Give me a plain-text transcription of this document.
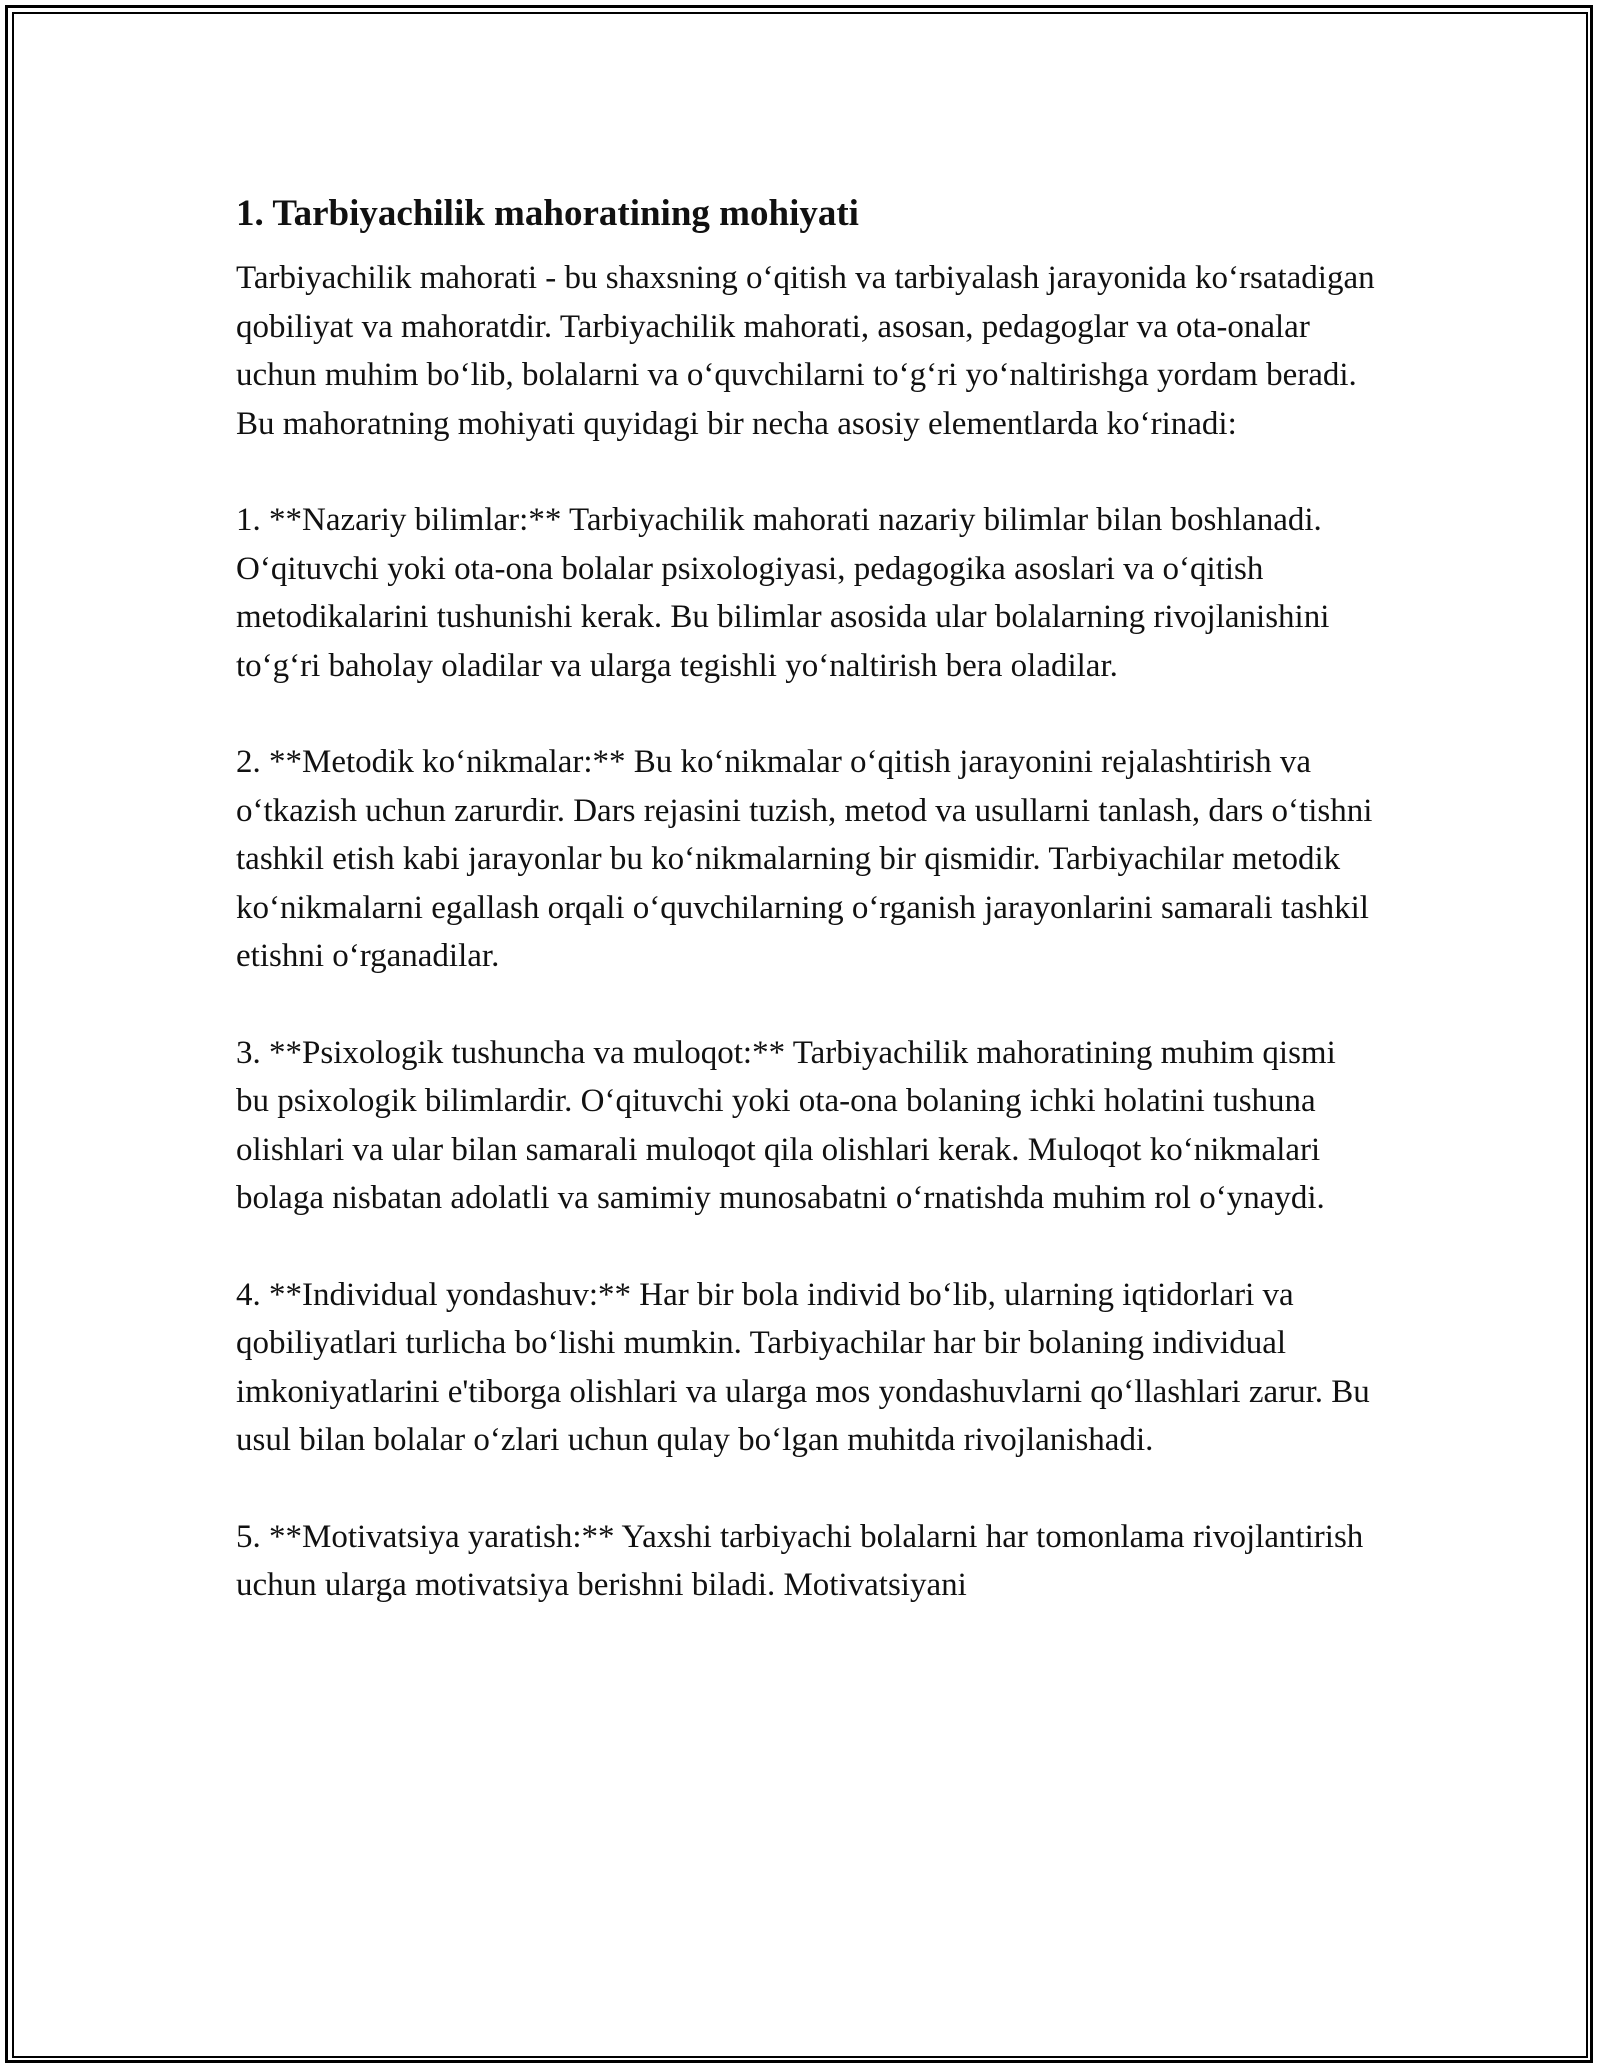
1. Tarbiyachilik mahoratining mohiyati

Tarbiyachilik mahorati - bu shaxsning o‘qitish va tarbiyalash jarayonida ko‘rsatadigan qobiliyat va mahoratdir. Tarbiyachilik mahorati, asosan, pedagoglar va ota-onalar uchun muhim bo‘lib, bolalarni va o‘quvchilarni to‘g‘ri yo‘naltirishga yordam beradi. Bu mahoratning mohiyati quyidagi bir necha asosiy elementlarda ko‘rinadi:

1. **Nazariy bilimlar:** Tarbiyachilik mahorati nazariy bilimlar bilan boshlanadi. O‘qituvchi yoki ota-ona bolalar psixologiyasi, pedagogika asoslari va o‘qitish metodikalarini tushunishi kerak. Bu bilimlar asosida ular bolalarning rivojlanishini to‘g‘ri baholay oladilar va ularga tegishli yo‘naltirish bera oladilar.

2. **Metodik ko‘nikmalar:** Bu ko‘nikmalar o‘qitish jarayonini rejalashtirish va o‘tkazish uchun zarurdir. Dars rejasini tuzish, metod va usullarni tanlash, dars o‘tishni tashkil etish kabi jarayonlar bu ko‘nikmalarning bir qismidir. Tarbiyachilar metodik ko‘nikmalarni egallash orqali o‘quvchilarning o‘rganish jarayonlarini samarali tashkil etishni o‘rganadilar.

3. **Psixologik tushuncha va muloqot:** Tarbiyachilik mahoratining muhim qismi bu psixologik bilimlardir. O‘qituvchi yoki ota-ona bolaning ichki holatini tushuna olishlari va ular bilan samarali muloqot qila olishlari kerak. Muloqot ko‘nikmalari bolaga nisbatan adolatli va samimiy munosabatni o‘rnatishda muhim rol o‘ynaydi.

4. **Individual yondashuv:** Har bir bola individ bo‘lib, ularning iqtidorlari va qobiliyatlari turlicha bo‘lishi mumkin. Tarbiyachilar har bir bolaning individual imkoniyatlarini e'tiborga olishlari va ularga mos yondashuvlarni qo‘llashlari zarur. Bu usul bilan bolalar o‘zlari uchun qulay bo‘lgan muhitda rivojlanishadi.

5. **Motivatsiya yaratish:** Yaxshi tarbiyachi bolalarni har tomonlama rivojlantirish uchun ularga motivatsiya berishni biladi. Motivatsiyani
